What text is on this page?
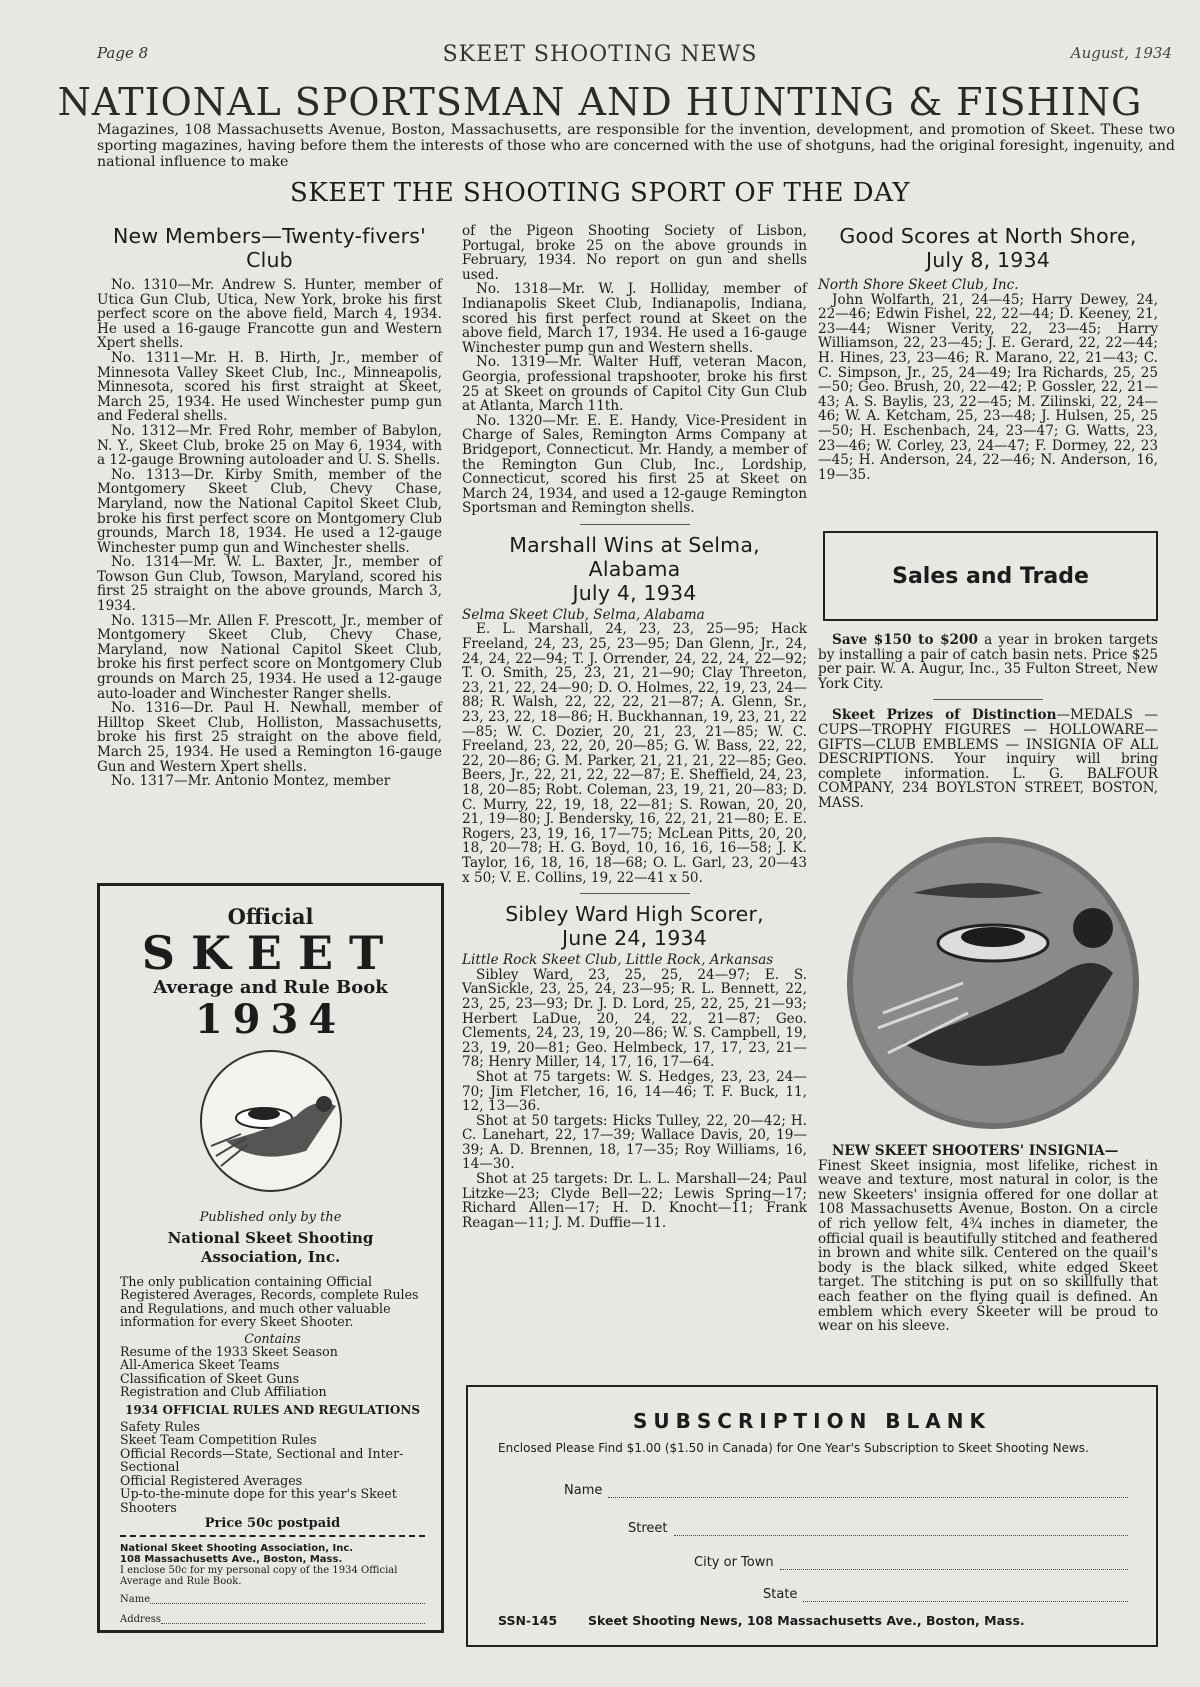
Page 8	SKEET SHOOTING NEWS	August, 1934
NATIONAL SPORTSMAN AND HUNTING & FISHING
Magazines, 108 Massachusetts Avenue, Boston, Massachusetts, are responsible for the invention, development, and promotion of Skeet. These two sporting magazines, having before them the interests of those who are concerned with the use of shotguns, had the original foresight, ingenuity, and national influence to make
SKEET THE SHOOTING SPORT OF THE DAY
New Members—Twenty-fivers' Club

No. 1310—Mr. Andrew S. Hunter, member of Utica Gun Club, Utica, New York, broke his first perfect score on the above field, March 4, 1934. He used a 16-gauge Francotte gun and Western Xpert shells.

No. 1311—Mr. H. B. Hirth, Jr., member of Minnesota Valley Skeet Club, Inc., Minneapolis, Minnesota, scored his first straight at Skeet, March 25, 1934. He used Winchester pump gun and Federal shells.

No. 1312—Mr. Fred Rohr, member of Babylon, N. Y., Skeet Club, broke 25 on May 6, 1934, with a 12-gauge Browning autoloader and U. S. Shells.

No. 1313—Dr. Kirby Smith, member of the Montgomery Skeet Club, Chevy Chase, Maryland, now the National Capitol Skeet Club, broke his first perfect score on Montgomery Club grounds, March 18, 1934. He used a 12-gauge Winchester pump gun and Winchester shells.

No. 1314—Mr. W. L. Baxter, Jr., member of Towson Gun Club, Towson, Maryland, scored his first 25 straight on the above grounds, March 3, 1934.

No. 1315—Mr. Allen F. Prescott, Jr., member of Montgomery Skeet Club, Chevy Chase, Maryland, now National Capitol Skeet Club, broke his first perfect score on Montgomery Club grounds on March 25, 1934. He used a 12-gauge auto-loader and Winchester Ranger shells.

No. 1316—Dr. Paul H. Newhall, member of Hilltop Skeet Club, Holliston, Massachusetts, broke his first 25 straight on the above field, March 25, 1934. He used a Remington 16-gauge Gun and Western Xpert shells.

No. 1317—Mr. Antonio Montez, member

Official
SKEET
Average and Rule Book
1934
Published only by the
National Skeet Shooting
Association, Inc.
The only publication containing Official Registered Averages, Records, complete Rules and Regulations, and much other valuable information for every Skeet Shooter.
Contains
Resume of the 1933 Skeet Season
All-America Skeet Teams
Classification of Skeet Guns
Registration and Club Affiliation
1934 OFFICIAL RULES AND REGULATIONS
Safety Rules
Skeet Team Competition Rules
Official Records—State, Sectional and Inter-Sectional
Official Registered Averages
Up-to-the-minute dope for this year's Skeet Shooters
Price 50c postpaid
National Skeet Shooting Association, Inc.
108 Massachusetts Ave., Boston, Mass.
I enclose 50c for my personal copy of the 1934 Official Average and Rule Book.
Name
Address

of the Pigeon Shooting Society of Lisbon, Portugal, broke 25 on the above grounds in February, 1934. No report on gun and shells used.

No. 1318—Mr. W. J. Holliday, member of Indianapolis Skeet Club, Indianapolis, Indiana, scored his first perfect round at Skeet on the above field, March 17, 1934. He used a 16-gauge Winchester pump gun and Western shells.

No. 1319—Mr. Walter Huff, veteran Macon, Georgia, professional trapshooter, broke his first 25 at Skeet on grounds of Capitol City Gun Club at Atlanta, March 11th.

No. 1320—Mr. E. E. Handy, Vice-President in Charge of Sales, Remington Arms Company at Bridgeport, Connecticut. Mr. Handy, a member of the Remington Gun Club, Inc., Lordship, Connecticut, scored his first 25 at Skeet on March 24, 1934, and used a 12-gauge Remington Sportsman and Remington shells.

Marshall Wins at Selma, Alabama
July 4, 1934

Selma Skeet Club, Selma, Alabama

E. L. Marshall, 24, 23, 23, 25—95; Hack Freeland, 24, 23, 25, 23—95; Dan Glenn, Jr., 24, 24, 24, 22—94; T. J. Orrender, 24, 22, 24, 22—92; T. O. Smith, 25, 23, 21, 21—90; Clay Threeton, 23, 21, 22, 24—90; D. O. Holmes, 22, 19, 23, 24—88; R. Walsh, 22, 22, 22, 21—87; A. Glenn, Sr., 23, 23, 22, 18—86; H. Buckhannan, 19, 23, 21, 22—85; W. C. Dozier, 20, 21, 23, 21—85; W. C. Freeland, 23, 22, 20, 20—85; G. W. Bass, 22, 22, 22, 20—86; G. M. Parker, 21, 21, 21, 22—85; Geo. Beers, Jr., 22, 21, 22, 22—87; E. Sheffield, 24, 23, 18, 20—85; Robt. Coleman, 23, 19, 21, 20—83; D. C. Murry, 22, 19, 18, 22—81; S. Rowan, 20, 20, 21, 19—80; J. Bendersky, 16, 22, 21, 21—80; E. E. Rogers, 23, 19, 16, 17—75; McLean Pitts, 20, 20, 18, 20—78; H. G. Boyd, 10, 16, 16, 16—58; J. K. Taylor, 16, 18, 16, 18—68; O. L. Garl, 23, 20—43 x 50; V. E. Collins, 19, 22—41 x 50.

Sibley Ward High Scorer,
June 24, 1934

Little Rock Skeet Club, Little Rock, Arkansas

Sibley Ward, 23, 25, 25, 24—97; E. S. VanSickle, 23, 25, 24, 23—95; R. L. Bennett, 22, 23, 25, 23—93; Dr. J. D. Lord, 25, 22, 25, 21—93; Herbert LaDue, 20, 24, 22, 21—87; Geo. Clements, 24, 23, 19, 20—86; W. S. Campbell, 19, 23, 19, 20—81; Geo. Helmbeck, 17, 17, 23, 21—78; Henry Miller, 14, 17, 16, 17—64.

Shot at 75 targets: W. S. Hedges, 23, 23, 24—70; Jim Fletcher, 16, 16, 14—46; T. F. Buck, 11, 12, 13—36.

Shot at 50 targets: Hicks Tulley, 22, 20—42; H. C. Lanehart, 22, 17—39; Wallace Davis, 20, 19—39; A. D. Brennen, 18, 17—35; Roy Williams, 16, 14—30.

Shot at 25 targets: Dr. L. L. Marshall—24; Paul Litzke—23; Clyde Bell—22; Lewis Spring—17; Richard Allen—17; H. D. Knocht—11; Frank Reagan—11; J. M. Duffie—11.

Good Scores at North Shore,
July 8, 1934

North Shore Skeet Club, Inc.

John Wolfarth, 21, 24—45; Harry Dewey, 24, 22—46; Edwin Fishel, 22, 22—44; D. Keeney, 21, 23—44; Wisner Verity, 22, 23—45; Harry Williamson, 22, 23—45; J. E. Gerard, 22, 22—44; H. Hines, 23, 23—46; R. Marano, 22, 21—43; C. C. Simpson, Jr., 25, 24—49; Ira Richards, 25, 25—50; Geo. Brush, 20, 22—42; P. Gossler, 22, 21—43; A. S. Baylis, 23, 22—45; M. Zilinski, 22, 24—46; W. A. Ketcham, 25, 23—48; J. Hulsen, 25, 25—50; H. Eschenbach, 24, 23—47; G. Watts, 23, 23—46; W. Corley, 23, 24—47; F. Dormey, 22, 23—45; H. Anderson, 24, 22—46; N. Anderson, 16, 19—35.

Sales and Trade

Save $150 to $200 a year in broken targets by installing a pair of catch basin nets. Price $25 per pair. W. A. Augur, Inc., 35 Fulton Street, New York City.

Skeet Prizes of Distinction—MEDALS —CUPS—TROPHY FIGURES — HOLLOWARE—GIFTS—CLUB EMBLEMS — INSIGNIA OF ALL DESCRIPTIONS. Your inquiry will bring complete information. L. G. BALFOUR COMPANY, 234 BOYLSTON STREET, BOSTON, MASS.

NEW SKEET SHOOTERS' INSIGNIA—

Finest Skeet insignia, most lifelike, richest in weave and texture, most natural in color, is the new Skeeters' insignia offered for one dollar at 108 Massachusetts Avenue, Boston. On a circle of rich yellow felt, 4¾ inches in diameter, the official quail is beautifully stitched and feathered in brown and white silk. Centered on the quail's body is the black silked, white edged Skeet target. The stitching is put on so skillfully that each feather on the flying quail is defined. An emblem which every Skeeter will be proud to wear on his sleeve.

SUBSCRIPTION BLANK
Enclosed Please Find $1.00 ($1.50 in Canada) for One Year's Subscription to Skeet Shooting News.
Name
Street
City or Town
State
SSN-145 Skeet Shooting News, 108 Massachusetts Ave., Boston, Mass.
